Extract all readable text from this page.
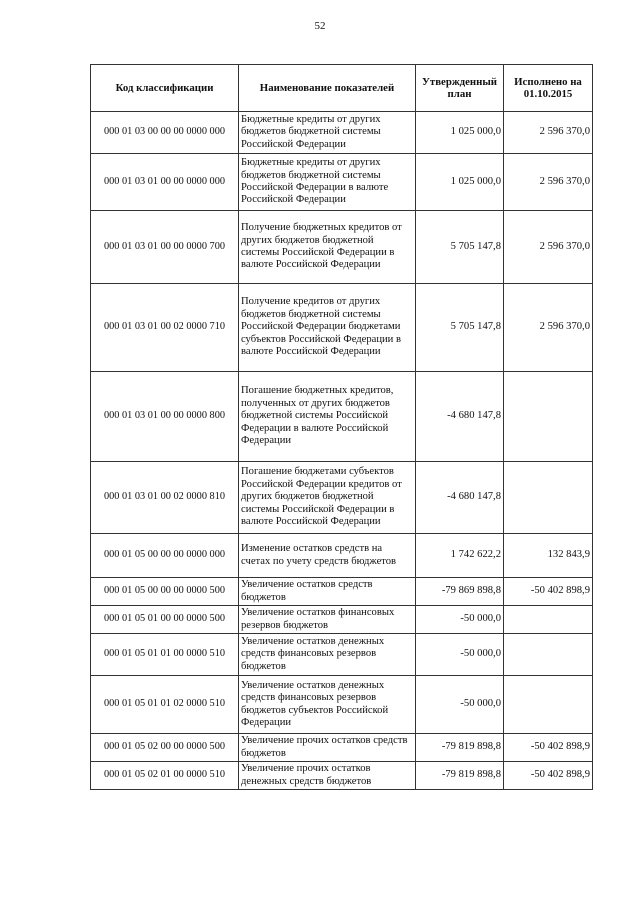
52
Код классификации	Наименование показателей	Утвержденный план	Исполнено на 01.10.2015
000 01 03 00 00 00 0000 000	Бюджетные кредиты от других бюджетов бюджетной системы Российской Федерации	1 025 000,0	2 596 370,0
000 01 03 01 00 00 0000 000	Бюджетные кредиты от других бюджетов бюджетной системы Российской Федерации в валюте Российской Федерации	1 025 000,0	2 596 370,0
000 01 03 01 00 00 0000 700	Получение бюджетных кредитов от других бюджетов бюджетной системы Российской Федерации в валюте Российской Федерации	5 705 147,8	2 596 370,0
000 01 03 01 00 02 0000 710	Получение кредитов от других бюджетов бюджетной системы Российской Федерации бюджетами субъектов Российской Федерации в валюте Российской Федерации	5 705 147,8	2 596 370,0
000 01 03 01 00 00 0000 800	Погашение бюджетных кредитов, полученных от других бюджетов бюджетной системы Российской Федерации в валюте Российской Федерации	-4 680 147,8	
000 01 03 01 00 02 0000 810	Погашение бюджетами субъектов Российской Федерации кредитов от других бюджетов бюджетной системы Российской Федерации в валюте Российской Федерации	-4 680 147,8	
000 01 05 00 00 00 0000 000	Изменение остатков средств на счетах по учету средств бюджетов	1 742 622,2	132 843,9
000 01 05 00 00 00 0000 500	Увеличение остатков средств бюджетов	-79 869 898,8	-50 402 898,9
000 01 05 01 00 00 0000 500	Увеличение остатков финансовых резервов бюджетов	-50 000,0	
000 01 05 01 01 00 0000 510	Увеличение остатков денежных средств финансовых резервов бюджетов	-50 000,0	
000 01 05 01 01 02 0000 510	Увеличение остатков денежных средств финансовых резервов бюджетов субъектов Российской Федерации	-50 000,0	
000 01 05 02 00 00 0000 500	Увеличение прочих остатков средств бюджетов	-79 819 898,8	-50 402 898,9
000 01 05 02 01 00 0000 510	Увеличение прочих остатков денежных средств бюджетов	-79 819 898,8	-50 402 898,9
